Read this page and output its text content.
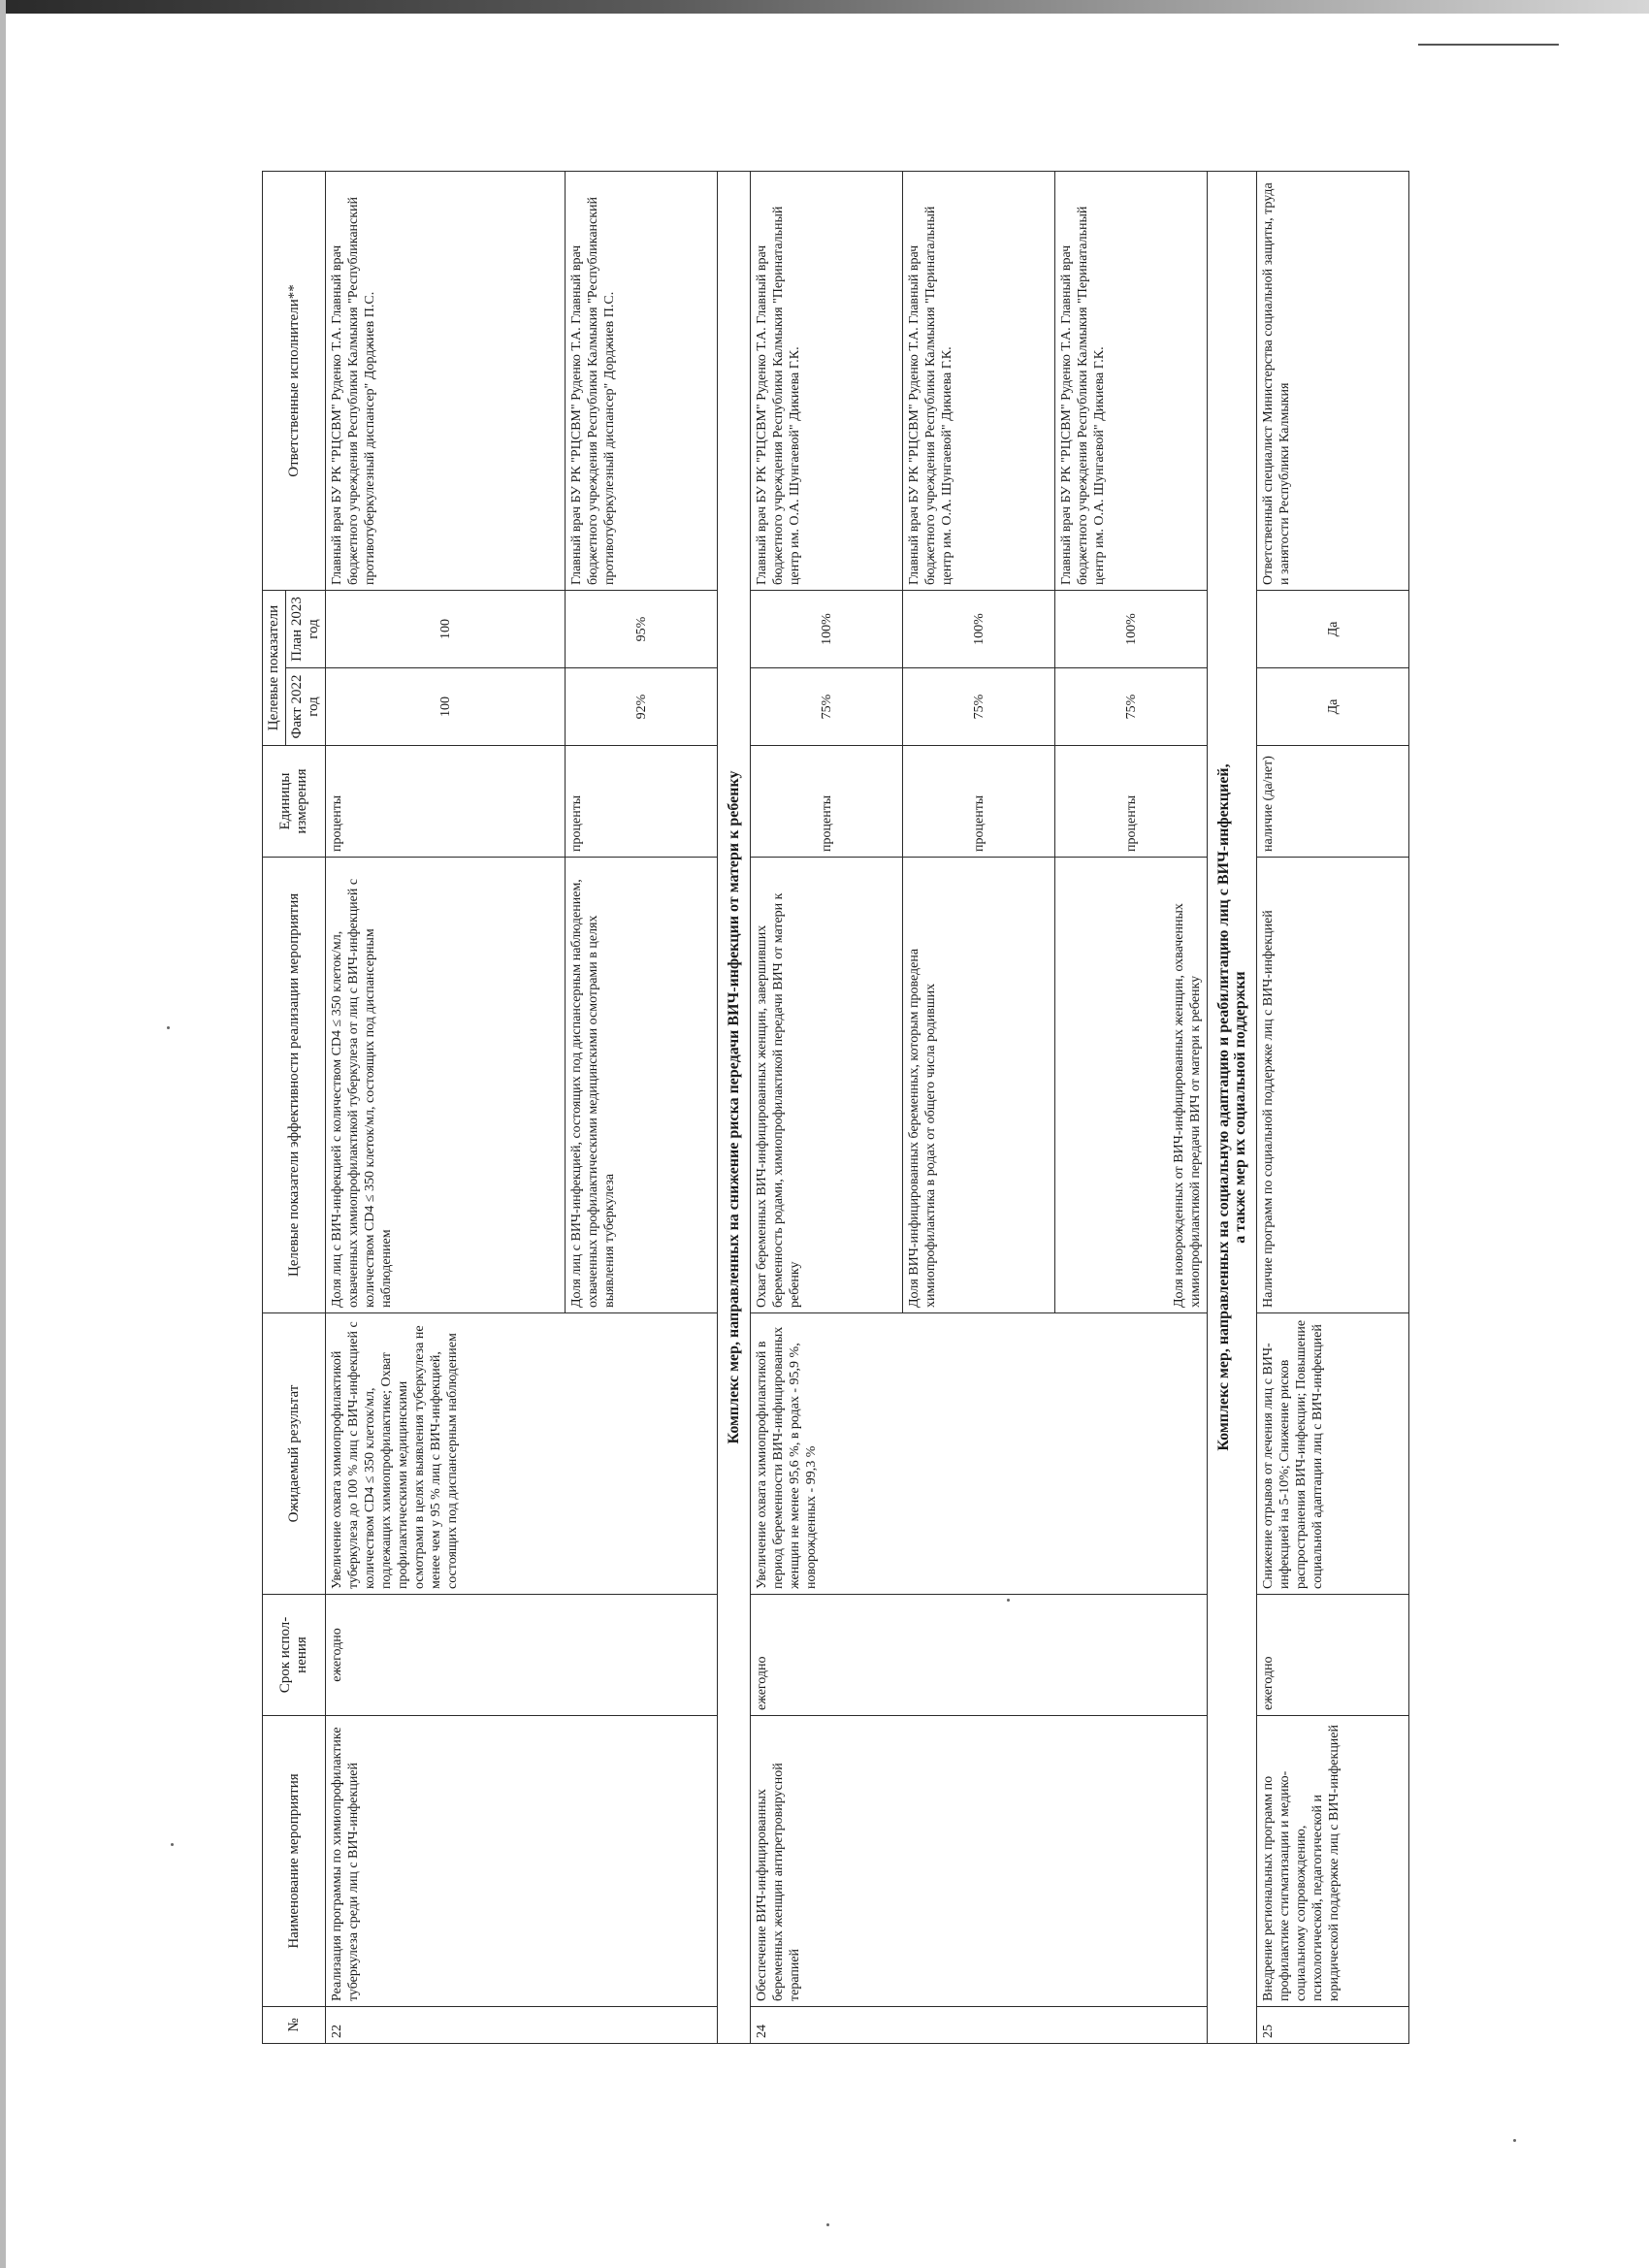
№	Наименование мероприятия	Срок испол-нения	Ожидаемый результат	Целевые показатели эффективности реализации мероприятия	Единицы измерения	Целевые показатели		Ответственные исполнители**
						Факт 2022 год	План 2023 год	
22	Реализация программы по химиопрофилактике туберкулеза среди лиц с ВИЧ-инфекцией	ежегодно	Увеличение охвата химиопрофилактикой туберкулеза до 100 % лиц с ВИЧ-инфекцией с количеством CD4 ≤ 350 клеток/мл, подлежащих химиопрофилактике; Охват профилактическими медицинскими осмотрами в целях выявления туберкулеза не менее чем у 95 % лиц с ВИЧ-инфекцией, состоящих под диспансерным наблюдением	Доля лиц с ВИЧ-инфекцией с количеством CD4 ≤ 350 клеток/мл, охваченных химиопрофилактикой туберкулеза от лиц с ВИЧ-инфекцией с количеством CD4 ≤ 350 клеток/мл, состоящих под диспансерным наблюдением	проценты	100	100	Главный врач БУ РК "РЦСВМ" Руденко Т.А. Главный врач бюджетного учреждения Республики Калмыкия "Республиканский противотуберкулезный диспансер" Дорджиев П.С.
				Доля лиц с ВИЧ-инфекцией, состоящих под диспансерным наблюдением, охваченных профилактическими медицинскими осмотрами в целях выявления туберкулеза	проценты	92%	95%	Главный врач БУ РК "РЦСВМ" Руденко Т.А. Главный врач бюджетного учреждения Республики Калмыкия "Республиканский противотуберкулезный диспансер" Дорджиев П.С.
Комплекс мер, направленных на снижение риска передачи ВИЧ-инфекции от матери к ребенку								
24	Обеспечение ВИЧ-инфицированных беременных женщин антиретровирусной терапией	ежегодно	Увеличение охвата химиопрофилактикой в период беременности ВИЧ-инфицированных женщин не менее 95,6 %, в родах - 95,9 %, новорожденных - 99,3 %	Охват беременных ВИЧ-инфицированных женщин, завершивших беременность родами, химиопрофилактикой передачи ВИЧ от матери к ребенку	проценты	75%	100%	Главный врач БУ РК "РЦСВМ" Руденко Т.А. Главный врач бюджетного учреждения Республики Калмыкия "Перинатальный центр им. О.А. Шунгаевой" Дикиева Г.К.
				Доля ВИЧ-инфицированных беременных, которым проведена химиопрофилактика в родах от общего числа родивших	проценты	75%	100%	Главный врач БУ РК "РЦСВМ" Руденко Т.А. Главный врач бюджетного учреждения Республики Калмыкия "Перинатальный центр им. О.А. Шунгаевой" Дикиева Г.К.
				Доля новорожденных от ВИЧ-инфицированных женщин, охваченных химиопрофилактикой передачи ВИЧ от матери к ребенку	проценты	75%	100%	Главный врач БУ РК "РЦСВМ" Руденко Т.А. Главный врач бюджетного учреждения Республики Калмыкия "Перинатальный центр им. О.А. Шунгаевой" Дикиева Г.К.

Комплекс мер, направленных на социальную адаптацию и реабилитацию лиц с ВИЧ-инфекцией, а также мер их социальной поддержки								

25	Внедрение региональных программ по профилактике стигматизации и медико-социальному сопровождению, психологической, педагогической и юридической поддержке лиц с ВИЧ-инфекцией	ежегодно	Снижение отрывов от лечения лиц с ВИЧ-инфекцией на 5-10%; Снижение рисков распространения ВИЧ-инфекции; Повышение социальной адаптации лиц с ВИЧ-инфекцией	Наличие программ по социальной поддержке лиц с ВИЧ-инфекцией	наличие (да/нет)	Да	Да	Ответственный специалист Министерства социальной защиты, труда и занятости Республики Калмыкия
